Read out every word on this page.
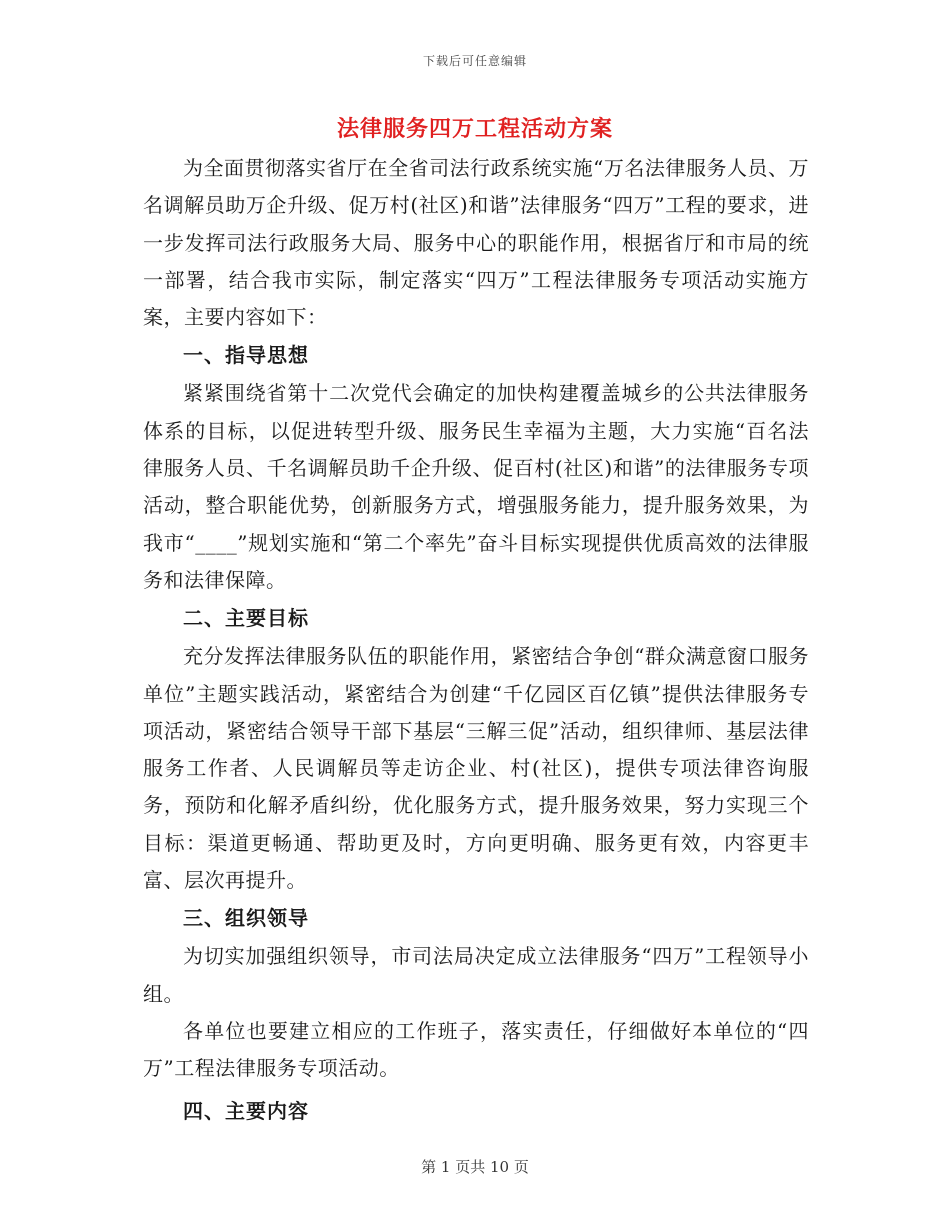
下载后可任意编辑
法律服务四万工程活动方案

为全面贯彻落实省厅在全省司法行政系统实施“万名法律服务人员、万名调解员助万企升级、促万村(社区)和谐”法律服务“四万”工程的要求，进一步发挥司法行政服务大局、服务中心的职能作用，根据省厅和市局的统一部署，结合我市实际，制定落实“四万”工程法律服务专项活动实施方案，主要内容如下：

一、指导思想

紧紧围绕省第十二次党代会确定的加快构建覆盖城乡的公共法律服务体系的目标，以促进转型升级、服务民生幸福为主题，大力实施“百名法律服务人员、千名调解员助千企升级、促百村(社区)和谐”的法律服务专项活动，整合职能优势，创新服务方式，增强服务能力，提升服务效果，为我市“____”规划实施和“第二个率先”奋斗目标实现提供优质高效的法律服务和法律保障。

二、主要目标

充分发挥法律服务队伍的职能作用，紧密结合争创“群众满意窗口服务单位”主题实践活动，紧密结合为创建“千亿园区百亿镇”提供法律服务专项活动，紧密结合领导干部下基层“三解三促”活动，组织律师、基层法律服务工作者、人民调解员等走访企业、村(社区)，提供专项法律咨询服务，预防和化解矛盾纠纷，优化服务方式，提升服务效果，努力实现三个目标：渠道更畅通、帮助更及时，方向更明确、服务更有效，内容更丰富、层次再提升。

三、组织领导

为切实加强组织领导，市司法局决定成立法律服务“四万”工程领导小组。

各单位也要建立相应的工作班子，落实责任，仔细做好本单位的“四万”工程法律服务专项活动。

四、主要内容

第 1 页共 10 页
